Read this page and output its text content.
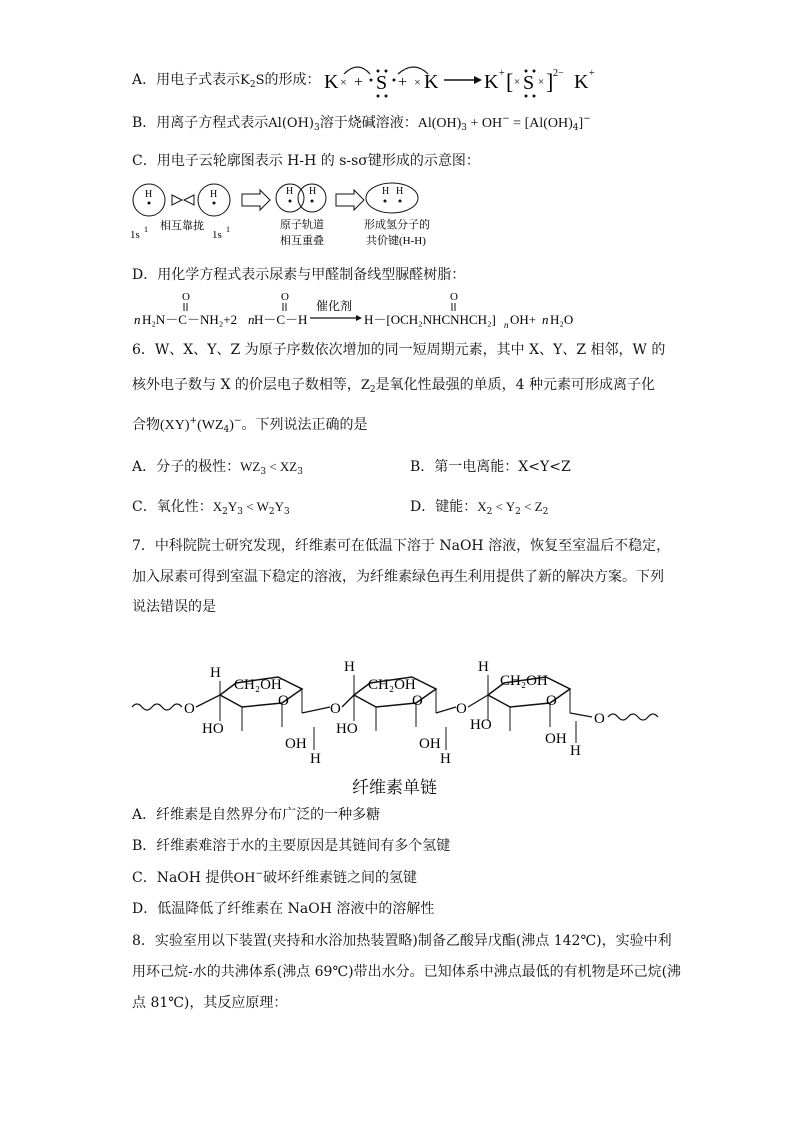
A．用电子式表示$K_2S$的形成： K × + S + × K K + [ × S × ] 2− K +
B．用离子方程式表示$Al(OH)_3$溶于烧碱溶液：$Al(OH)_3 + OH^- = [Al(OH)_4]^-$
C．用电子云轮廓图表示 H-H 的 s-sσ键形成的示意图：
H	H
1s 1 相互靠拢
1s 1
H H
原子轨道
相互重叠
H H
形成氢分子的
共价键(H-H)
D．用化学方程式表示尿素与甲醛制备线型脲醛树脂：
O
n H₂N－C－NH₂+2 n H－C－H
O
催化剂
O
H－[OCH₂NHCNHCH₂] n OH+ n H₂O
6．W、X、Y、Z 为原子序数依次增加的同一短周期元素，其中 X、Y、Z 相邻，W 的
核外电子数与 X 的价层电子数相等，$Z_2$是氧化性最强的单质，4 种元素可形成离子化
合物$(XY)^+(WZ_4)^-$。下列说法正确的是
A．分子的极性：$WZ_3 < XZ_3$	B．第一电离能：X<Y<Z
C．氧化性：$X_2Y_3 < W_2Y_3$	D．键能：$X_2 < Y_2 < Z_2$
7．中科院院士研究发现，纤维素可在低温下溶于 NaOH 溶液，恢复至室温后不稳定，
加入尿素可得到室温下稳定的溶液，为纤维素绿色再生利用提供了新的解决方案。下列
说法错误的是
O
H
CH₂OH
O
HO
OH
H
O
H
CH₂OH
O
HO
OH
H
O
H
CH₂OH
O
HO
OH
H
O
纤维素单链
A．纤维素是自然界分布广泛的一种多糖
B．纤维素难溶于水的主要原因是其链间有多个氢键
C．NaOH 提供OH−破坏纤维素链之间的氢键
D．低温降低了纤维素在 NaOH 溶液中的溶解性
8．实验室用以下装置(夹持和水浴加热装置略)制备乙酸异戊酯(沸点 142℃)，实验中利
用环己烷-水的共沸体系(沸点 69℃)带出水分。已知体系中沸点最低的有机物是环己烷(沸
点 81℃)，其反应原理：
